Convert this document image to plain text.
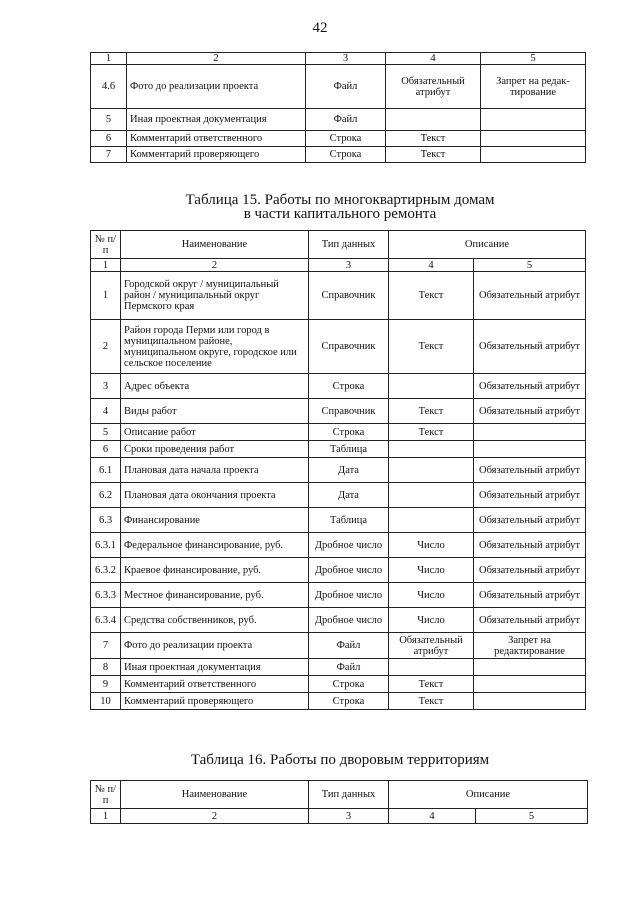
42
1	2	3	4	5
4.6	Фото до реализации проекта	Файл	Обязательный атрибут	Запрет на редак-тирование
5	Иная проектная документация	Файл		
6	Комментарий ответственного	Строка	Текст	
7	Комментарий проверяющего	Строка	Текст	
Таблица 15. Работы по многоквартирным домам
в части капитального ремонта
№ п/п	Наименование	Тип данных	Описание	
1	2	3	4	5
1	Городской округ / муниципальный район / муниципальный округ Пермского края	Справочник	Текст	Обязательный атрибут
2	Район города Перми или город в муниципальном районе, муниципальном округе, городское или сельское поселение	Справочник	Текст	Обязательный атрибут
3	Адрес объекта	Строка		Обязательный атрибут
4	Виды работ	Справочник	Текст	Обязательный атрибут
5	Описание работ	Строка	Текст	
6	Сроки проведения работ	Таблица		
6.1	Плановая дата начала проекта	Дата		Обязательный атрибут
6.2	Плановая дата окончания проекта	Дата		Обязательный атрибут
6.3	Финансирование	Таблица		Обязательный атрибут
6.3.1	Федеральное финансирование, руб.	Дробное число	Число	Обязательный атрибут
6.3.2	Краевое финансирование, руб.	Дробное число	Число	Обязательный атрибут
6.3.3	Местное финансирование, руб.	Дробное число	Число	Обязательный атрибут
6.3.4	Средства собственников, руб.	Дробное число	Число	Обязательный атрибут
7	Фото до реализации проекта	Файл	Обязательный атрибут	Запрет на редактирование
8	Иная проектная документация	Файл		
9	Комментарий ответственного	Строка	Текст	
10	Комментарий проверяющего	Строка	Текст	
Таблица 16. Работы по дворовым территориям
№ п/п	Наименование	Тип данных	Описание	
1	2	3	4	5
